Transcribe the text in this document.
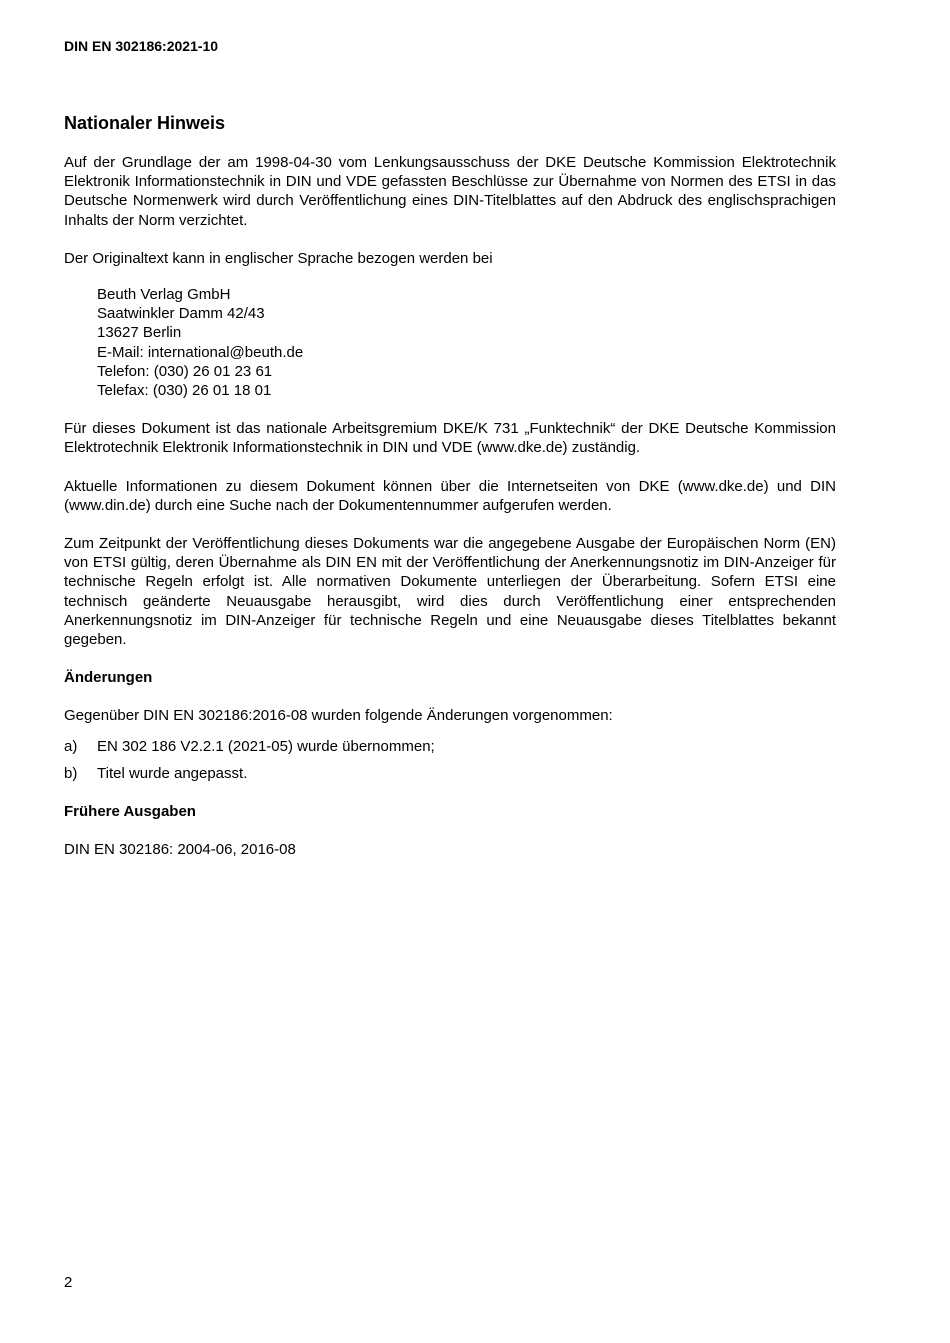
DIN EN 302186:2021-10
Nationaler Hinweis

Auf der Grundlage der am 1998-04-30 vom Lenkungsausschuss der DKE Deutsche Kommission Elektrotechnik Elektronik Informationstechnik in DIN und VDE gefassten Beschlüsse zur Übernahme von Normen des ETSI in das Deutsche Normenwerk wird durch Veröffentlichung eines DIN-Titelblattes auf den Abdruck des englischsprachigen Inhalts der Norm verzichtet.

Der Originaltext kann in englischer Sprache bezogen werden bei

Beuth Verlag GmbH
Saatwinkler Damm 42/43
13627 Berlin
E-Mail: international@beuth.de
Telefon: (030) 26 01 23 61
Telefax: (030) 26 01 18 01

Für dieses Dokument ist das nationale Arbeitsgremium DKE/K 731 „Funktechnik“ der DKE Deutsche Kommission Elektrotechnik Elektronik Informationstechnik in DIN und VDE (www.dke.de) zuständig.

Aktuelle Informationen zu diesem Dokument können über die Internetseiten von DKE (www.dke.de) und DIN (www.din.de) durch eine Suche nach der Dokumentennummer aufgerufen werden.

Zum Zeitpunkt der Veröffentlichung dieses Dokuments war die angegebene Ausgabe der Europäischen Norm (EN) von ETSI gültig, deren Übernahme als DIN EN mit der Veröffentlichung der Anerkennungsnotiz im DIN-Anzeiger für technische Regeln erfolgt ist. Alle normativen Dokumente unterliegen der Überarbeitung. Sofern ETSI eine technisch geänderte Neuausgabe herausgibt, wird dies durch Veröffentlichung einer entsprechenden Anerkennungsnotiz im DIN-Anzeiger für technische Regeln und eine Neuausgabe dieses Titelblattes bekannt gegeben.

Änderungen

Gegenüber DIN EN 302186:2016-08 wurden folgende Änderungen vorgenommen:

a)	EN 302 186 V2.2.1 (2021-05) wurde übernommen;
b)	Titel wurde angepasst.
Frühere Ausgaben

DIN EN 302186: 2004-06, 2016-08

2
